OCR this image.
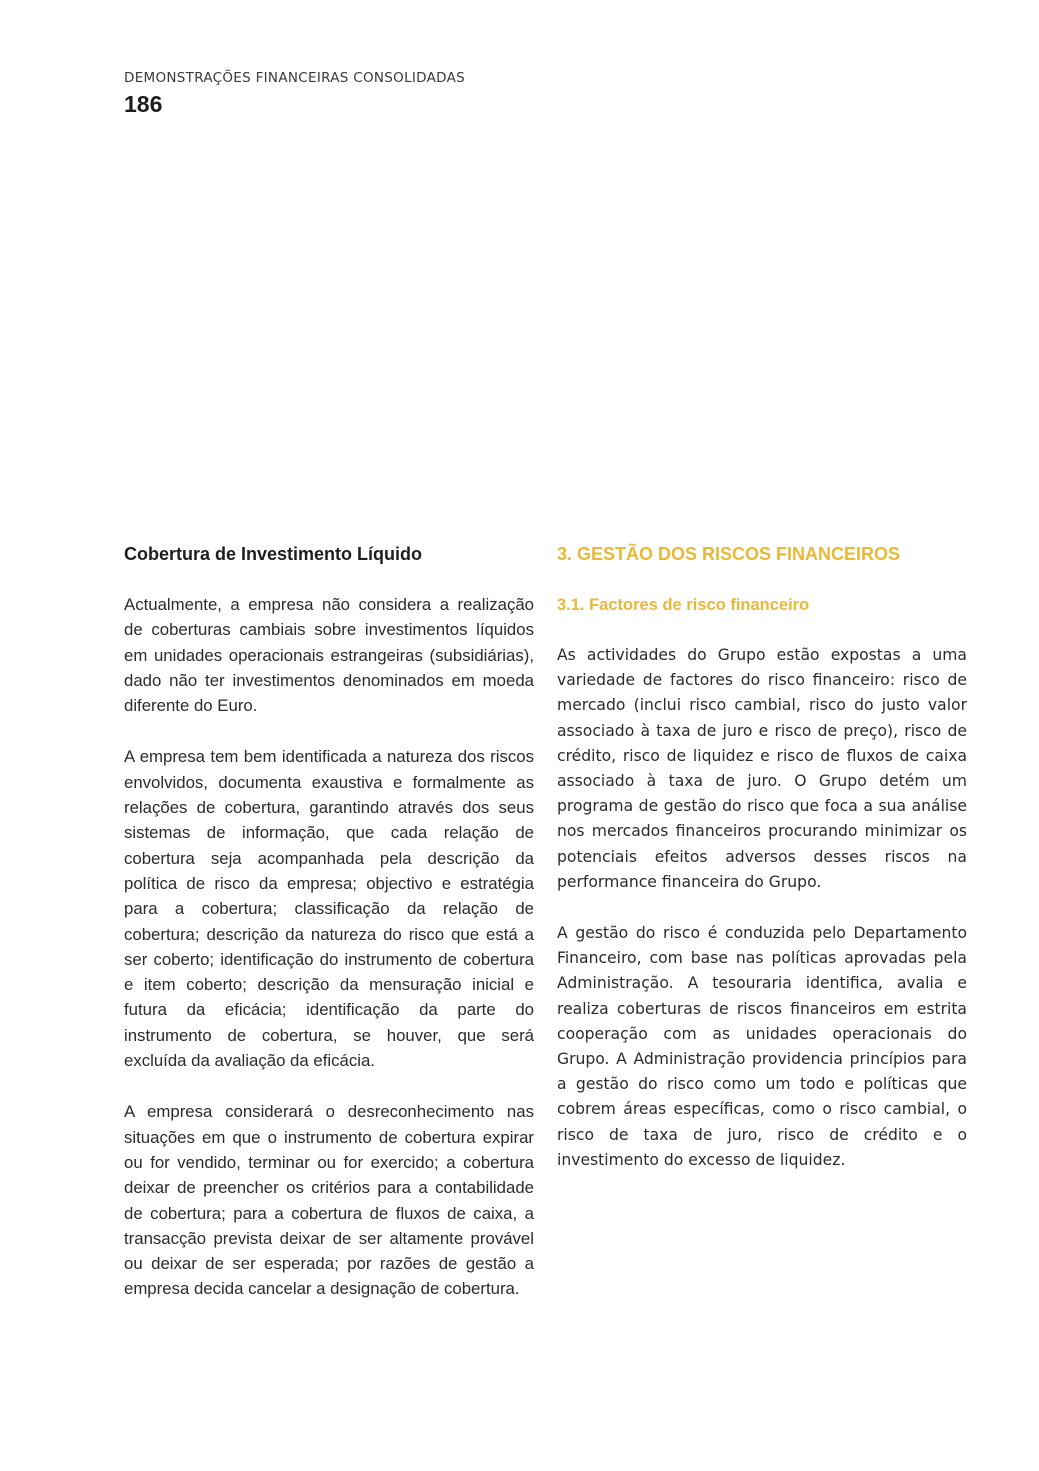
DEMONSTRAÇÕES FINANCEIRAS CONSOLIDADAS
186
Cobertura de Investimento Líquido

Actualmente, a empresa não considera a realização de coberturas cambiais sobre investimentos líquidos em unidades operacionais estrangeiras (subsidiárias), dado não ter investimentos denominados em moeda diferente do Euro.

A empresa tem bem identificada a natureza dos riscos envolvidos, documenta exaustiva e formalmente as relações de cobertura, garantindo através dos seus sistemas de informação, que cada relação de cobertura seja acompanhada pela descrição da política de risco da empresa; objectivo e estratégia para a cobertura; classificação da relação de cobertura; descrição da natureza do risco que está a ser coberto; identificação do instrumento de cobertura e item coberto; descrição da mensuração inicial e futura da eficácia; identificação da parte do instrumento de cobertura, se houver, que será excluída da avaliação da eficácia.

A empresa considerará o desreconhecimento nas situações em que o instrumento de cobertura expirar ou for vendido, terminar ou for exercido; a cobertura deixar de preencher os critérios para a contabilidade de cobertura; para a cobertura de fluxos de caixa, a transacção prevista deixar de ser altamente provável ou deixar de ser esperada; por razões de gestão a empresa decida cancelar a designação de cobertura.

3. GESTÃO DOS RISCOS FINANCEIROS
3.1. Factores de risco financeiro

As actividades do Grupo estão expostas a uma variedade de factores do risco financeiro: risco de mercado (inclui risco cambial, risco do justo valor associado à taxa de juro e risco de preço), risco de crédito, risco de liquidez e risco de fluxos de caixa associado à taxa de juro. O Grupo detém um programa de gestão do risco que foca a sua análise nos mercados financeiros procurando minimizar os potenciais efeitos adversos desses riscos na performance financeira do Grupo.

A gestão do risco é conduzida pelo Departamento Financeiro, com base nas políticas aprovadas pela Administração. A tesouraria identifica, avalia e realiza coberturas de riscos financeiros em estrita cooperação com as unidades operacionais do Grupo. A Administração providencia princípios para a gestão do risco como um todo e políticas que cobrem áreas específicas, como o risco cambial, o risco de taxa de juro, risco de crédito e o investimento do excesso de liquidez.
